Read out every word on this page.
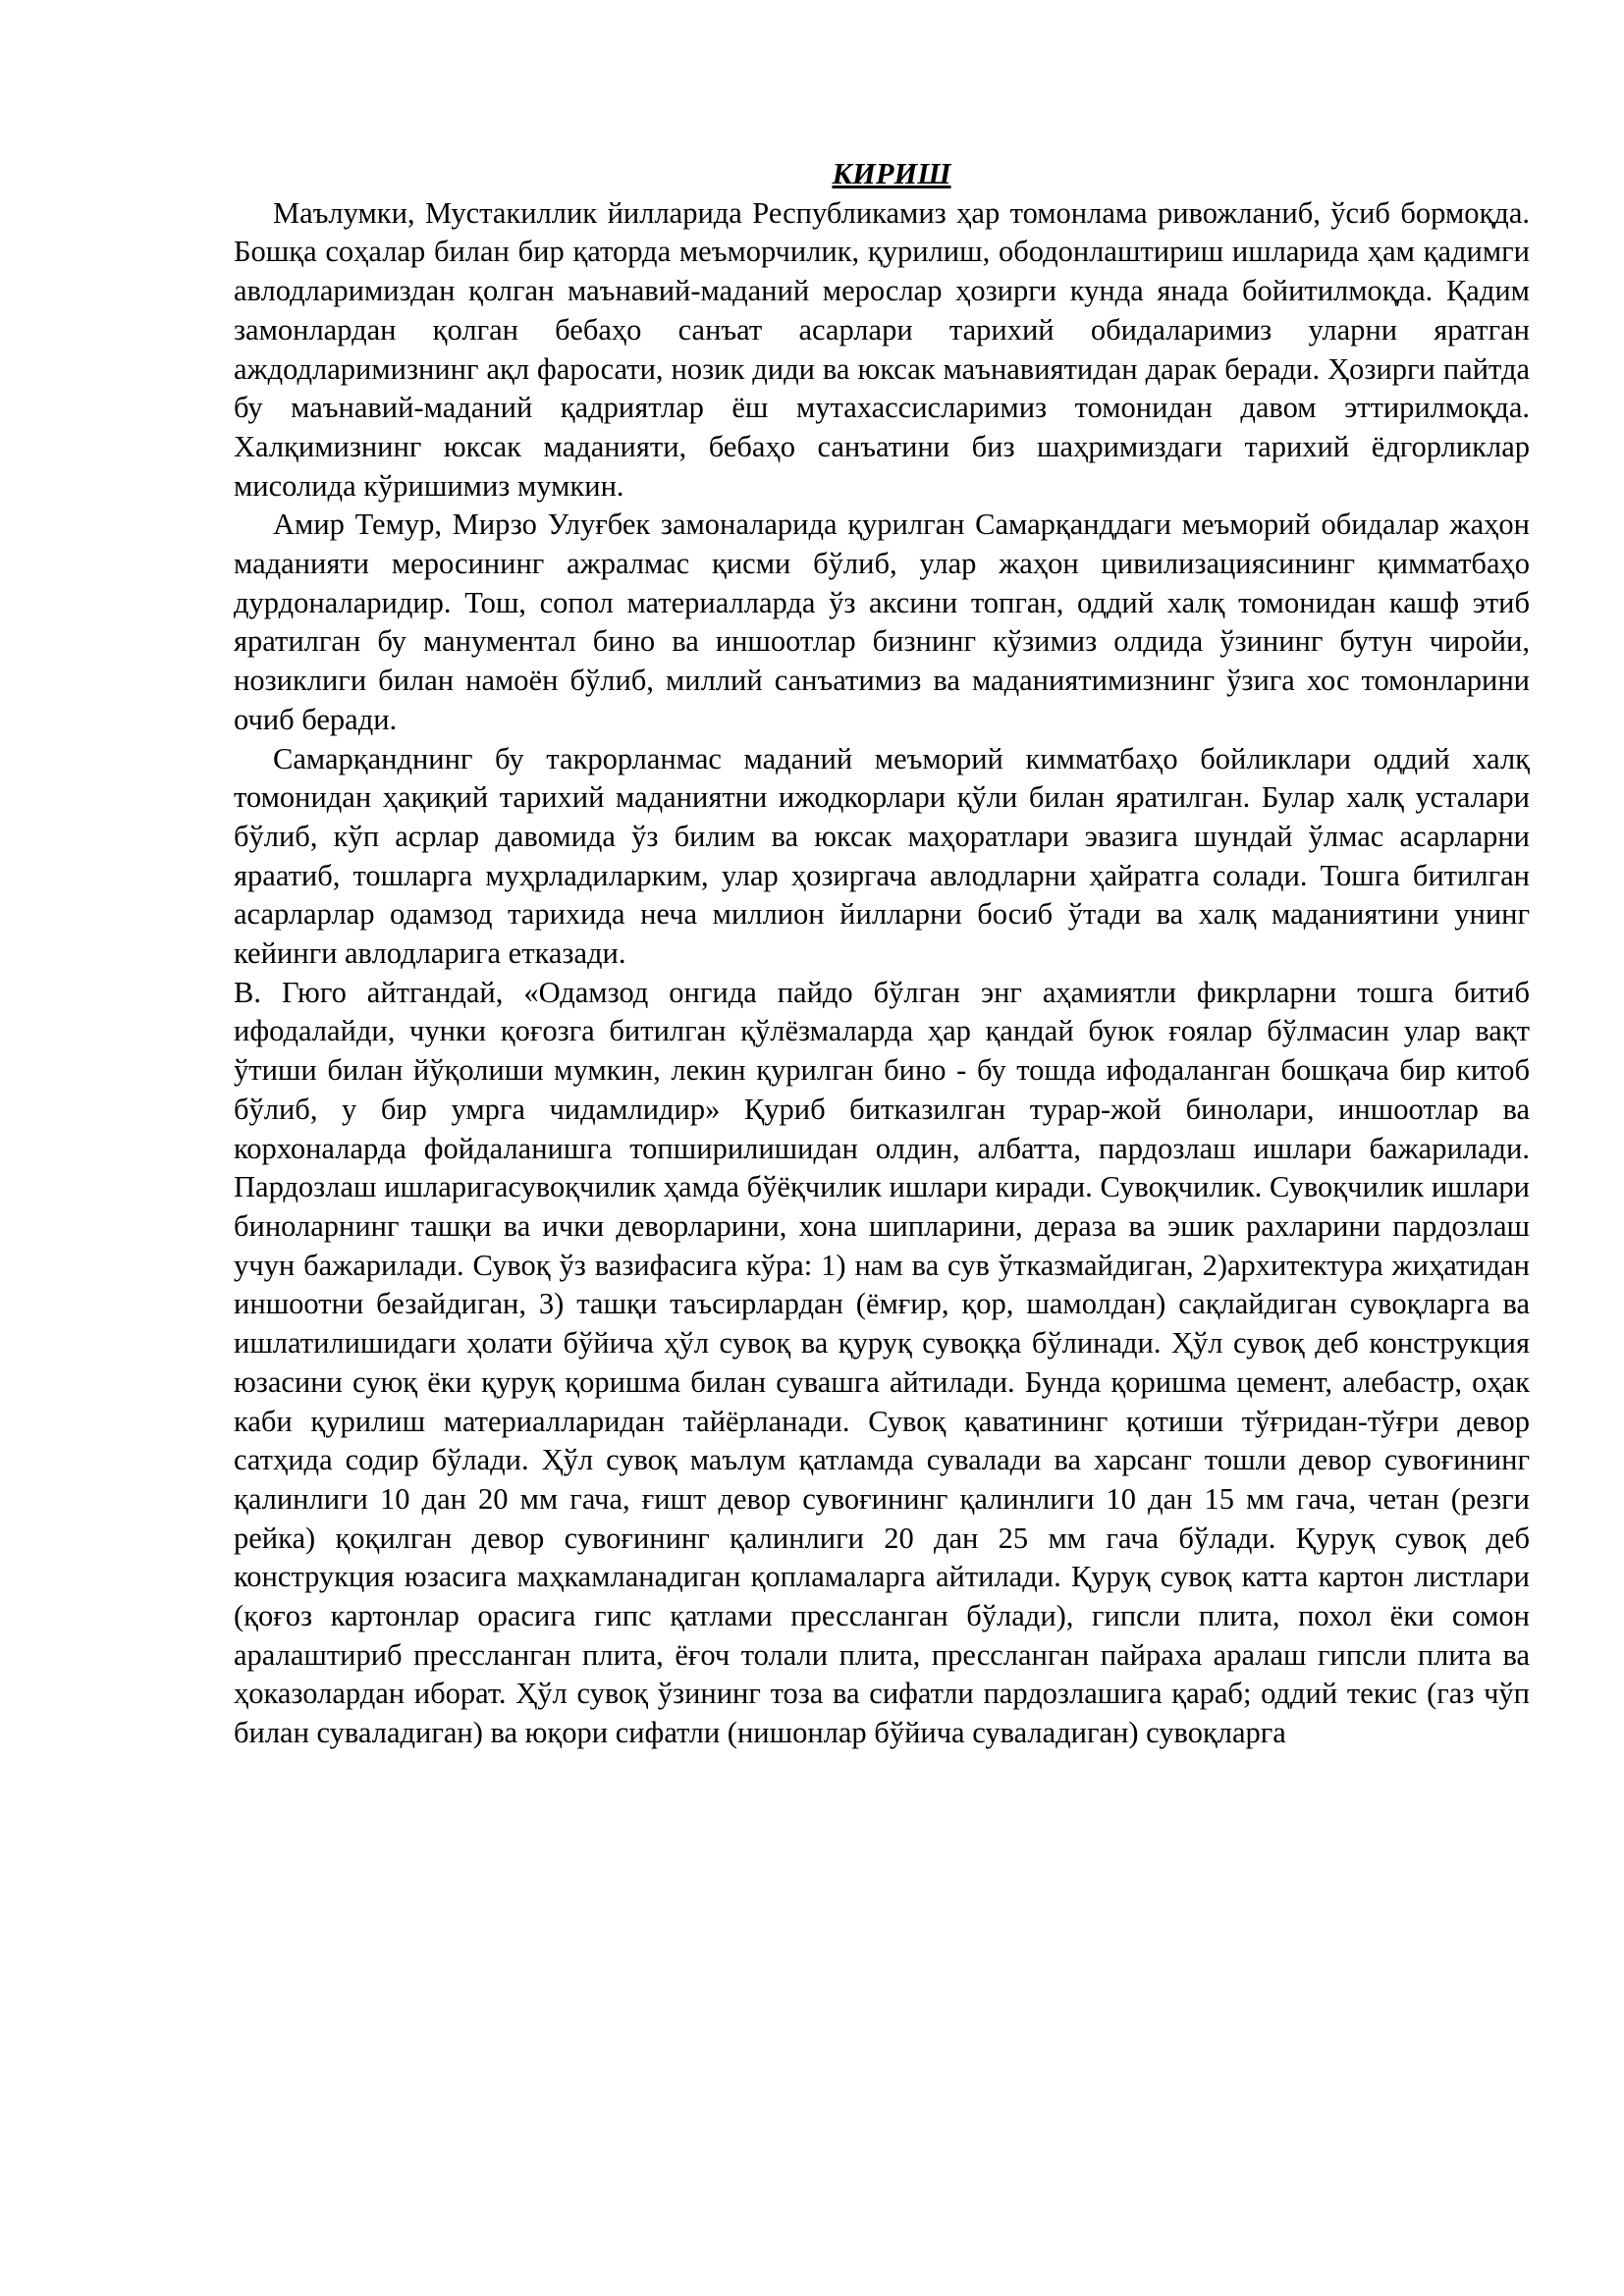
КИРИШ

Маълумки, Мустакиллик йилларида Республикамиз ҳар томонлама ривожланиб, ўсиб бормоқда. Бошқа соҳалар билан бир қаторда меъморчилик, қурилиш, ободонлаштириш ишларида ҳам қадимги авлодларимиздан қолган маънавий-маданий мерослар ҳозирги кунда янада бойитилмоқда. Қадим замонлардан қолган бебаҳо санъат асарлари тарихий обидаларимиз уларни яратган аждодларимизнинг ақл фаросати, нозик диди ва юксак маънавиятидан дарак беради. Ҳозирги пайтда бу маънавий-маданий қадриятлар ёш мутахассисларимиз томонидан давом эттирилмоқда. Халқимизнинг юксак маданияти, бебаҳо санъатини биз шаҳримиздаги тарихий ёдгорликлар мисолида кўришимиз мумкин.

Амир Темур, Мирзо Улуғбек замоналарида қурилган Самарқанддаги меъморий обидалар жаҳон маданияти меросининг ажралмас қисми бўлиб, улар жаҳон цивилизациясининг қимматбаҳо дурдоналаридир. Тош, сопол материалларда ўз аксини топган, оддий халқ томонидан кашф этиб яратилган бу манументал бино ва иншоотлар бизнинг кўзимиз олдида ўзининг бутун чиройи, нозиклиги билан намоён бўлиб, миллий санъатимиз ва маданиятимизнинг ўзига хос томонларини очиб беради.

Самарқанднинг бу такрорланмас маданий меъморий кимматбаҳо бойликлари оддий халқ томонидан ҳақиқий тарихий маданиятни ижодкорлари қўли билан яратилган. Булар халқ усталари бўлиб, кўп асрлар давомида ўз билим ва юксак маҳоратлари эвазига шундай ўлмас асарларни яраатиб, тошларга муҳрладиларким, улар ҳозиргача авлодларни ҳайратга солади. Тошга битилган асарларлар одамзод тарихида неча миллион йилларни босиб ўтади ва халқ маданиятини унинг кейинги авлодларига етказади.

В. Гюго айтгандай, «Одамзод онгида пайдо бўлган энг аҳамиятли фикрларни тошга битиб ифодалайди, чунки қоғозга битилган қўлёзмаларда ҳар қандай буюк ғоялар бўлмасин улар вақт ўтиши билан йўқолиши мумкин, лекин қурилган бино - бу тошда ифодаланган бошқача бир китоб бўлиб, у бир умрга чидамлидир» Қуриб битказилган турар-жой бинолари, иншоотлар ва корхоналарда фойдаланишга топширилишидан олдин, албатта, пардозлаш ишлари бажарилади. Пардозлаш ишларигасувоқчилик ҳамда бўёқчилик ишлари киради. Сувоқчилик. Сувоқчилик ишлари биноларнинг ташқи ва ички деворларини, хона шипларини, дераза ва эшик рахларини пардозлаш учун бажарилади. Сувоқ ўз вазифасига кўра: 1) нам ва сув ўтказмайдиган, 2)архитектура жиҳатидан иншоотни безайдиган, 3) ташқи таъсирлардан (ёмғир, қор, шамолдан) сақлайдиган сувоқларга ва ишлатилишидаги ҳолати бўйича ҳўл сувоқ ва қуруқ сувоққа бўлинади. Ҳўл сувоқ деб конструкция юзасини суюқ ёки қуруқ қоришма билан сувашга айтилади. Бунда қоришма цемент, алебастр, оҳак каби қурилиш материалларидан тайёрланади. Сувоқ қаватининг қотиши тўғридан-тўғри девор сатҳида содир бўлади. Ҳўл сувоқ маълум қатламда сувалади ва харсанг тошли девор сувоғининг қалинлиги 10 дан 20 мм гача, ғишт девор сувоғининг қалинлиги 10 дан 15 мм гача, четан (резги рейка) қоқилган девор сувоғининг қалинлиги 20 дан 25 мм гача бўлади. Қуруқ сувоқ деб конструкция юзасига маҳкамланадиган қопламаларга айтилади. Қуруқ сувоқ катта картон листлари (қоғоз картонлар орасига гипс қатлами прессланган бўлади), гипсли плита, похол ёки сомон аралаштириб прессланган плита, ёғоч толали плита, прессланган пайраха аралаш гипсли плита ва ҳоказолардан иборат. Ҳўл сувоқ ўзининг тоза ва сифатли пардозлашига қараб; оддий текис (газ чўп билан суваладиган) ва юқори сифатли (нишонлар бўйича суваладиган) сувоқларга
